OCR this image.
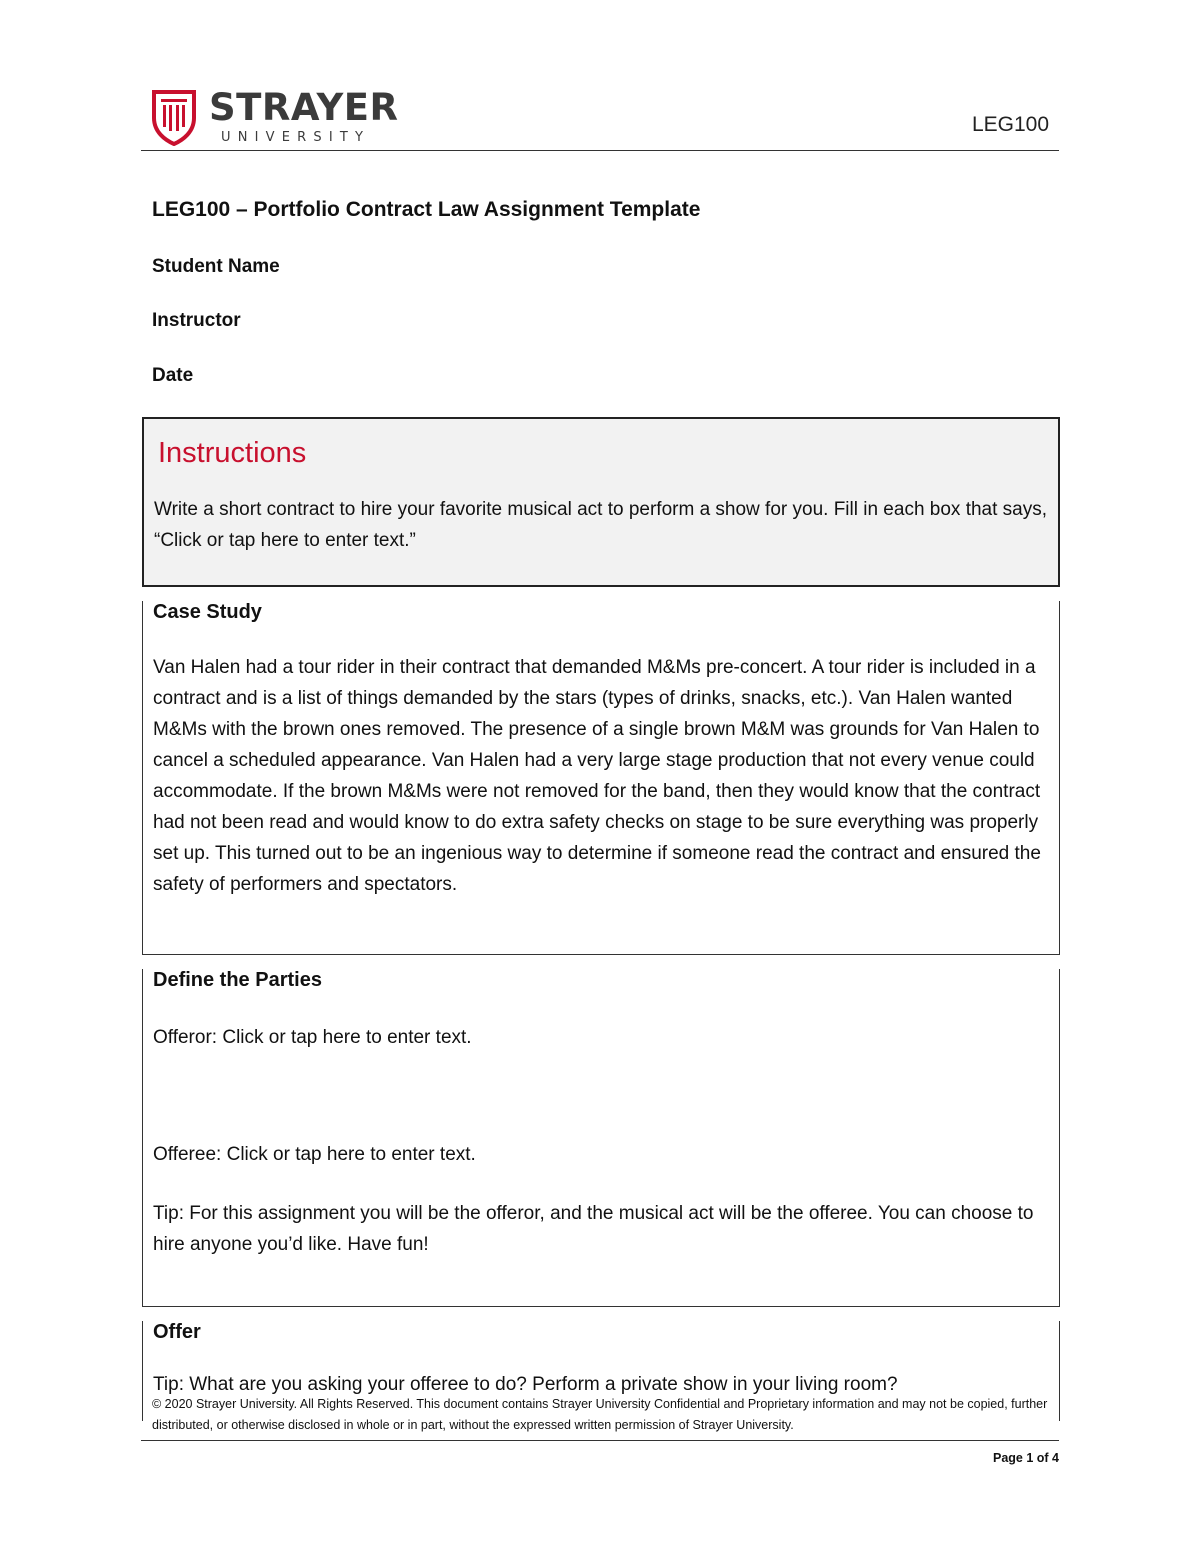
STRAYER
UNIVERSITY
LEG100
LEG100 – Portfolio Contract Law Assignment Template
Student Name
Instructor
Date
Instructions
Write a short contract to hire your favorite musical act to perform a show for you. Fill in each box that says, “Click or tap here to enter text.”
Case Study
Van Halen had a tour rider in their contract that demanded M&Ms pre-concert. A tour rider is included in a contract and is a list of things demanded by the stars (types of drinks, snacks, etc.). Van Halen wanted M&Ms with the brown ones removed. The presence of a single brown M&M was grounds for Van Halen to cancel a scheduled appearance. Van Halen had a very large stage production that not every venue could accommodate. If the brown M&Ms were not removed for the band, then they would know that the contract had not been read and would know to do extra safety checks on stage to be sure everything was properly set up. This turned out to be an ingenious way to determine if someone read the contract and ensured the safety of performers and spectators.
Define the Parties
Offeror: Click or tap here to enter text.
Offeree: Click or tap here to enter text.
Tip: For this assignment you will be the offeror, and the musical act will be the offeree. You can choose to hire anyone you’d like. Have fun!
Offer
Tip: What are you asking your offeree to do? Perform a private show in your living room?
© 2020 Strayer University. All Rights Reserved. This document contains Strayer University Confidential and Proprietary information and may not be copied, further distributed, or otherwise disclosed in whole or in part, without the expressed written permission of Strayer University.
Page 1 of 4
